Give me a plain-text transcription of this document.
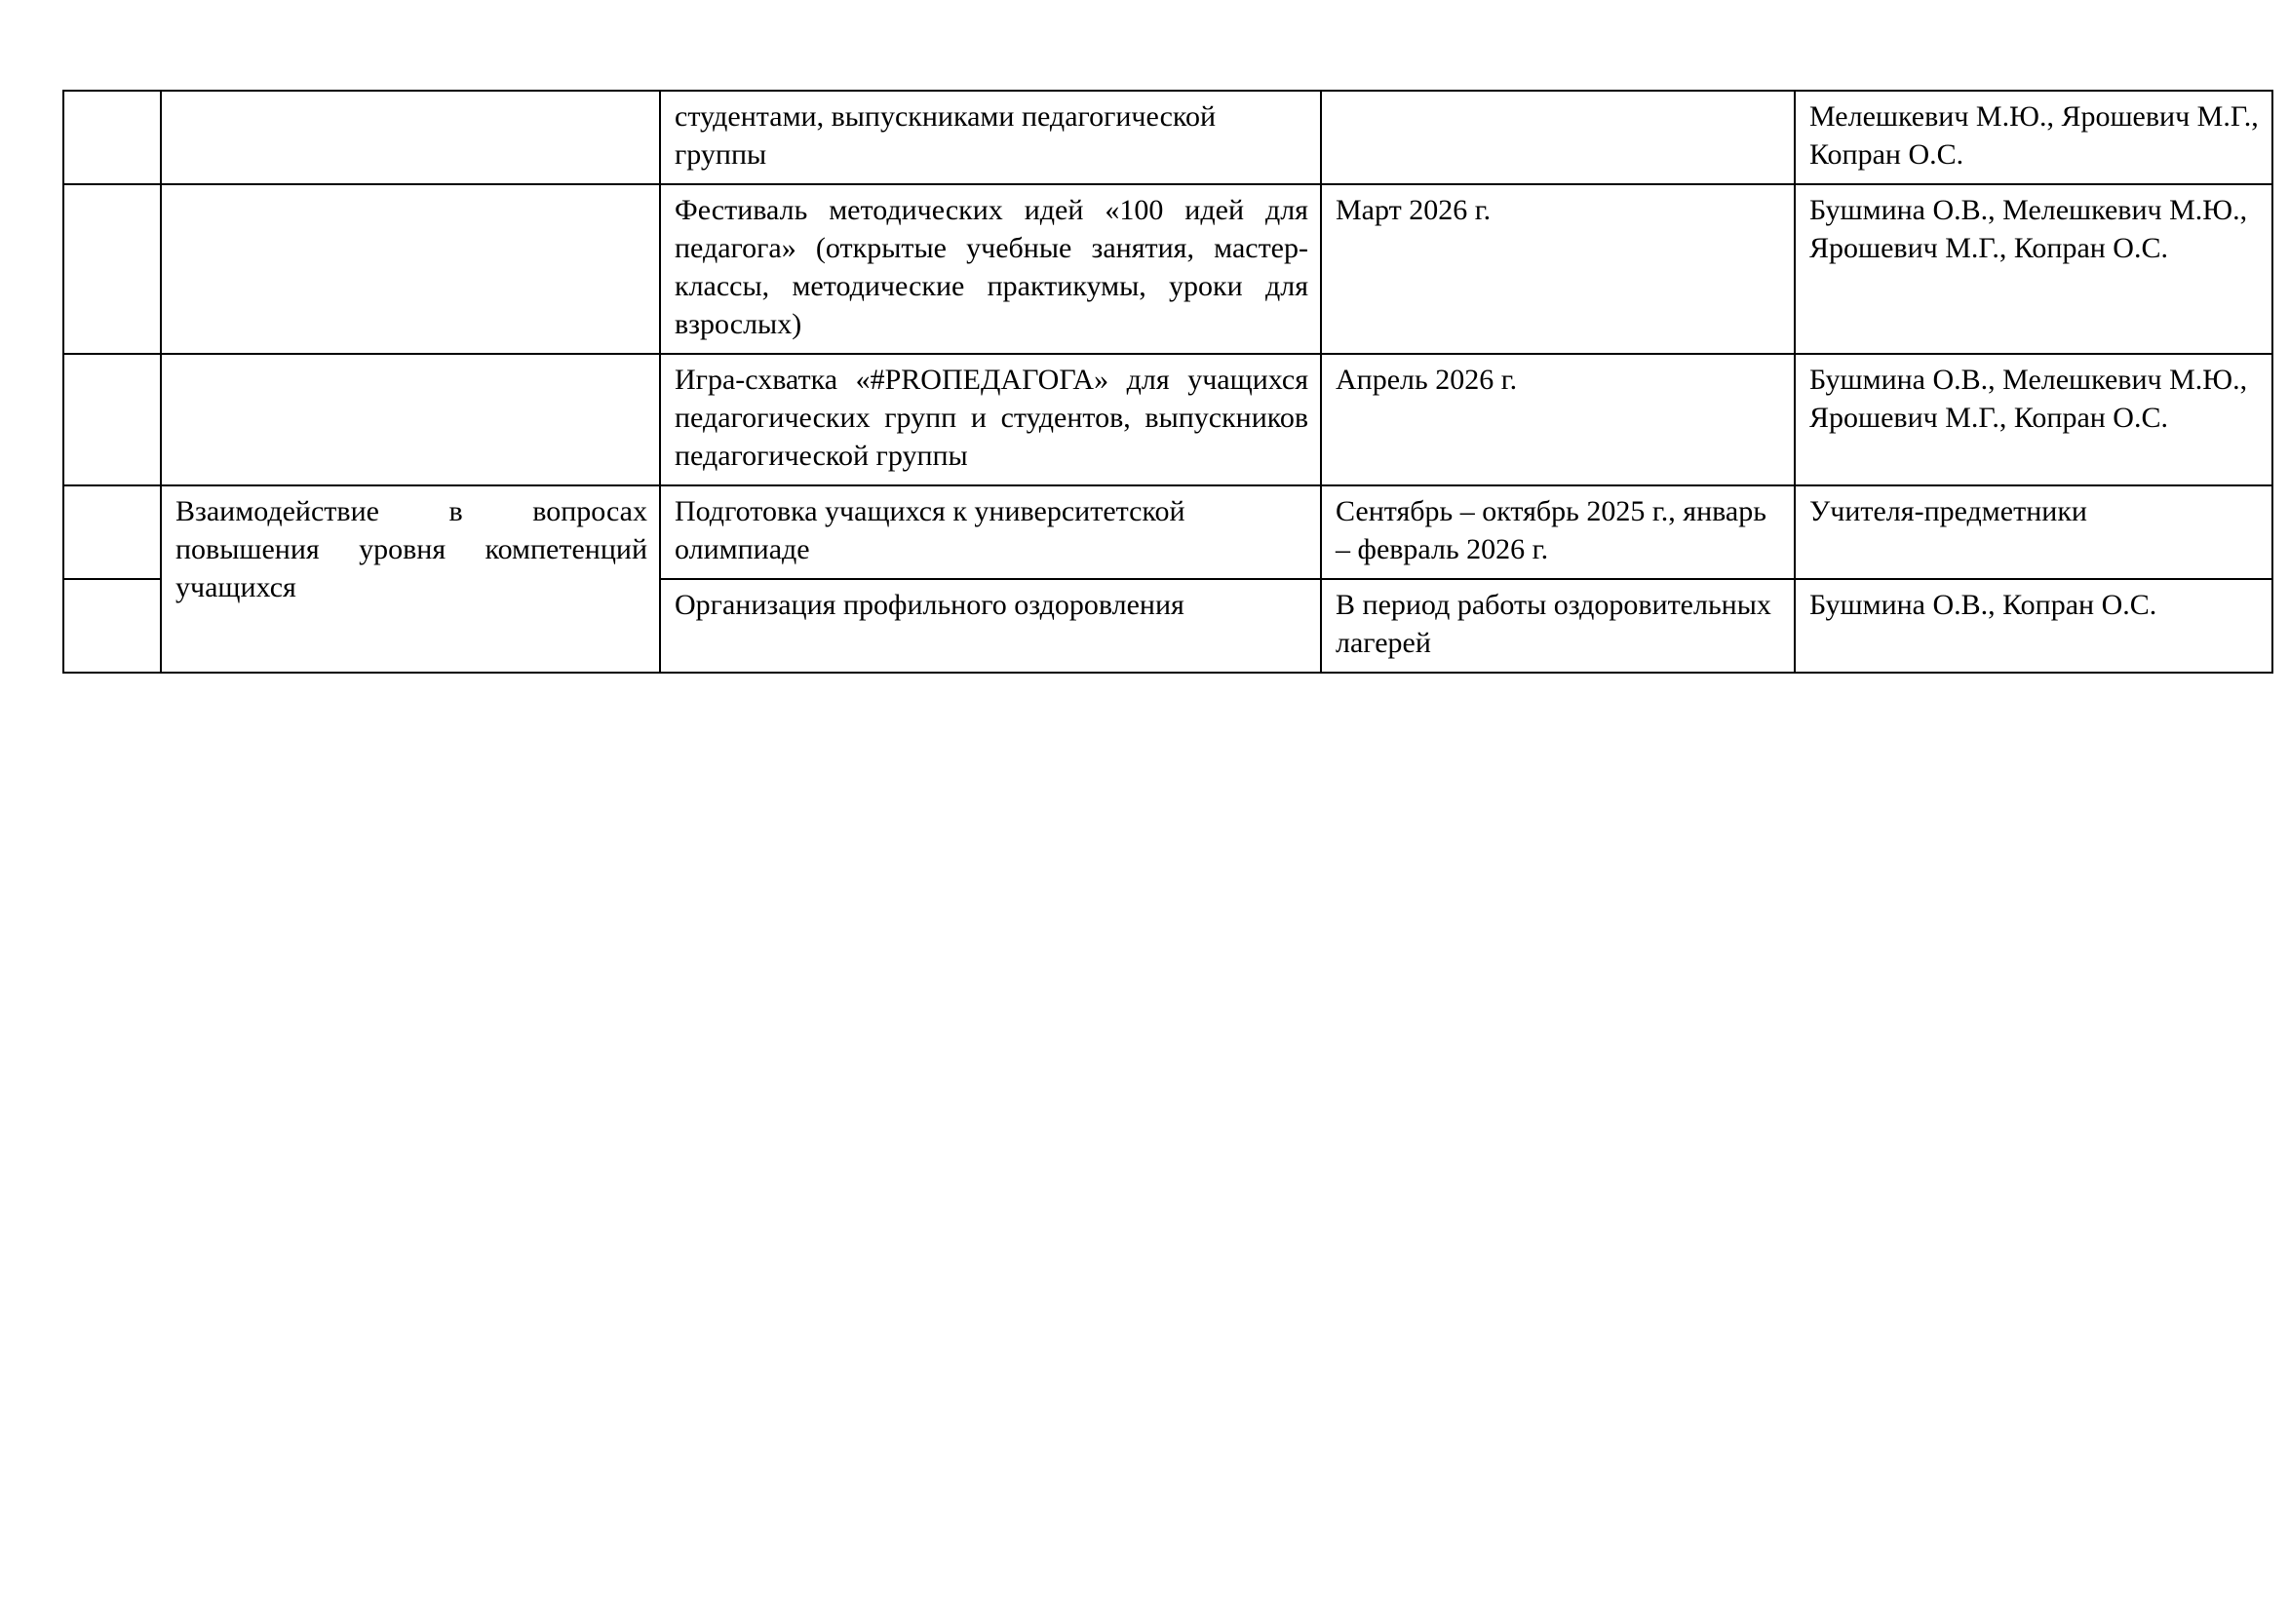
		студентами, выпускниками педагогической группы		Мелешкевич М.Ю., Ярошевич М.Г., Копран О.С.
		Фестиваль методических идей «100 идей для педагога» (открытые учебные занятия, мастер-классы, методические практикумы, уроки для взрослых)	Март 2026 г.	Бушмина О.В., Мелешкевич М.Ю., Ярошевич М.Г., Копран О.С.
		Игра-схватка «#PROПЕДАГОГА» для учащихся педагогических групп и студентов, выпускников педагогической группы	Апрель 2026 г.	Бушмина О.В., Мелешкевич М.Ю., Ярошевич М.Г., Копран О.С.
	Взаимодействие в вопросах повышения уровня компетенций учащихся	Подготовка учащихся к университетской олимпиаде	Сентябрь – октябрь 2025 г., январь – февраль 2026 г.	Учителя-предметники
		Организация профильного оздоровления	В период работы оздоровительных лагерей	Бушмина О.В., Копран О.С.
